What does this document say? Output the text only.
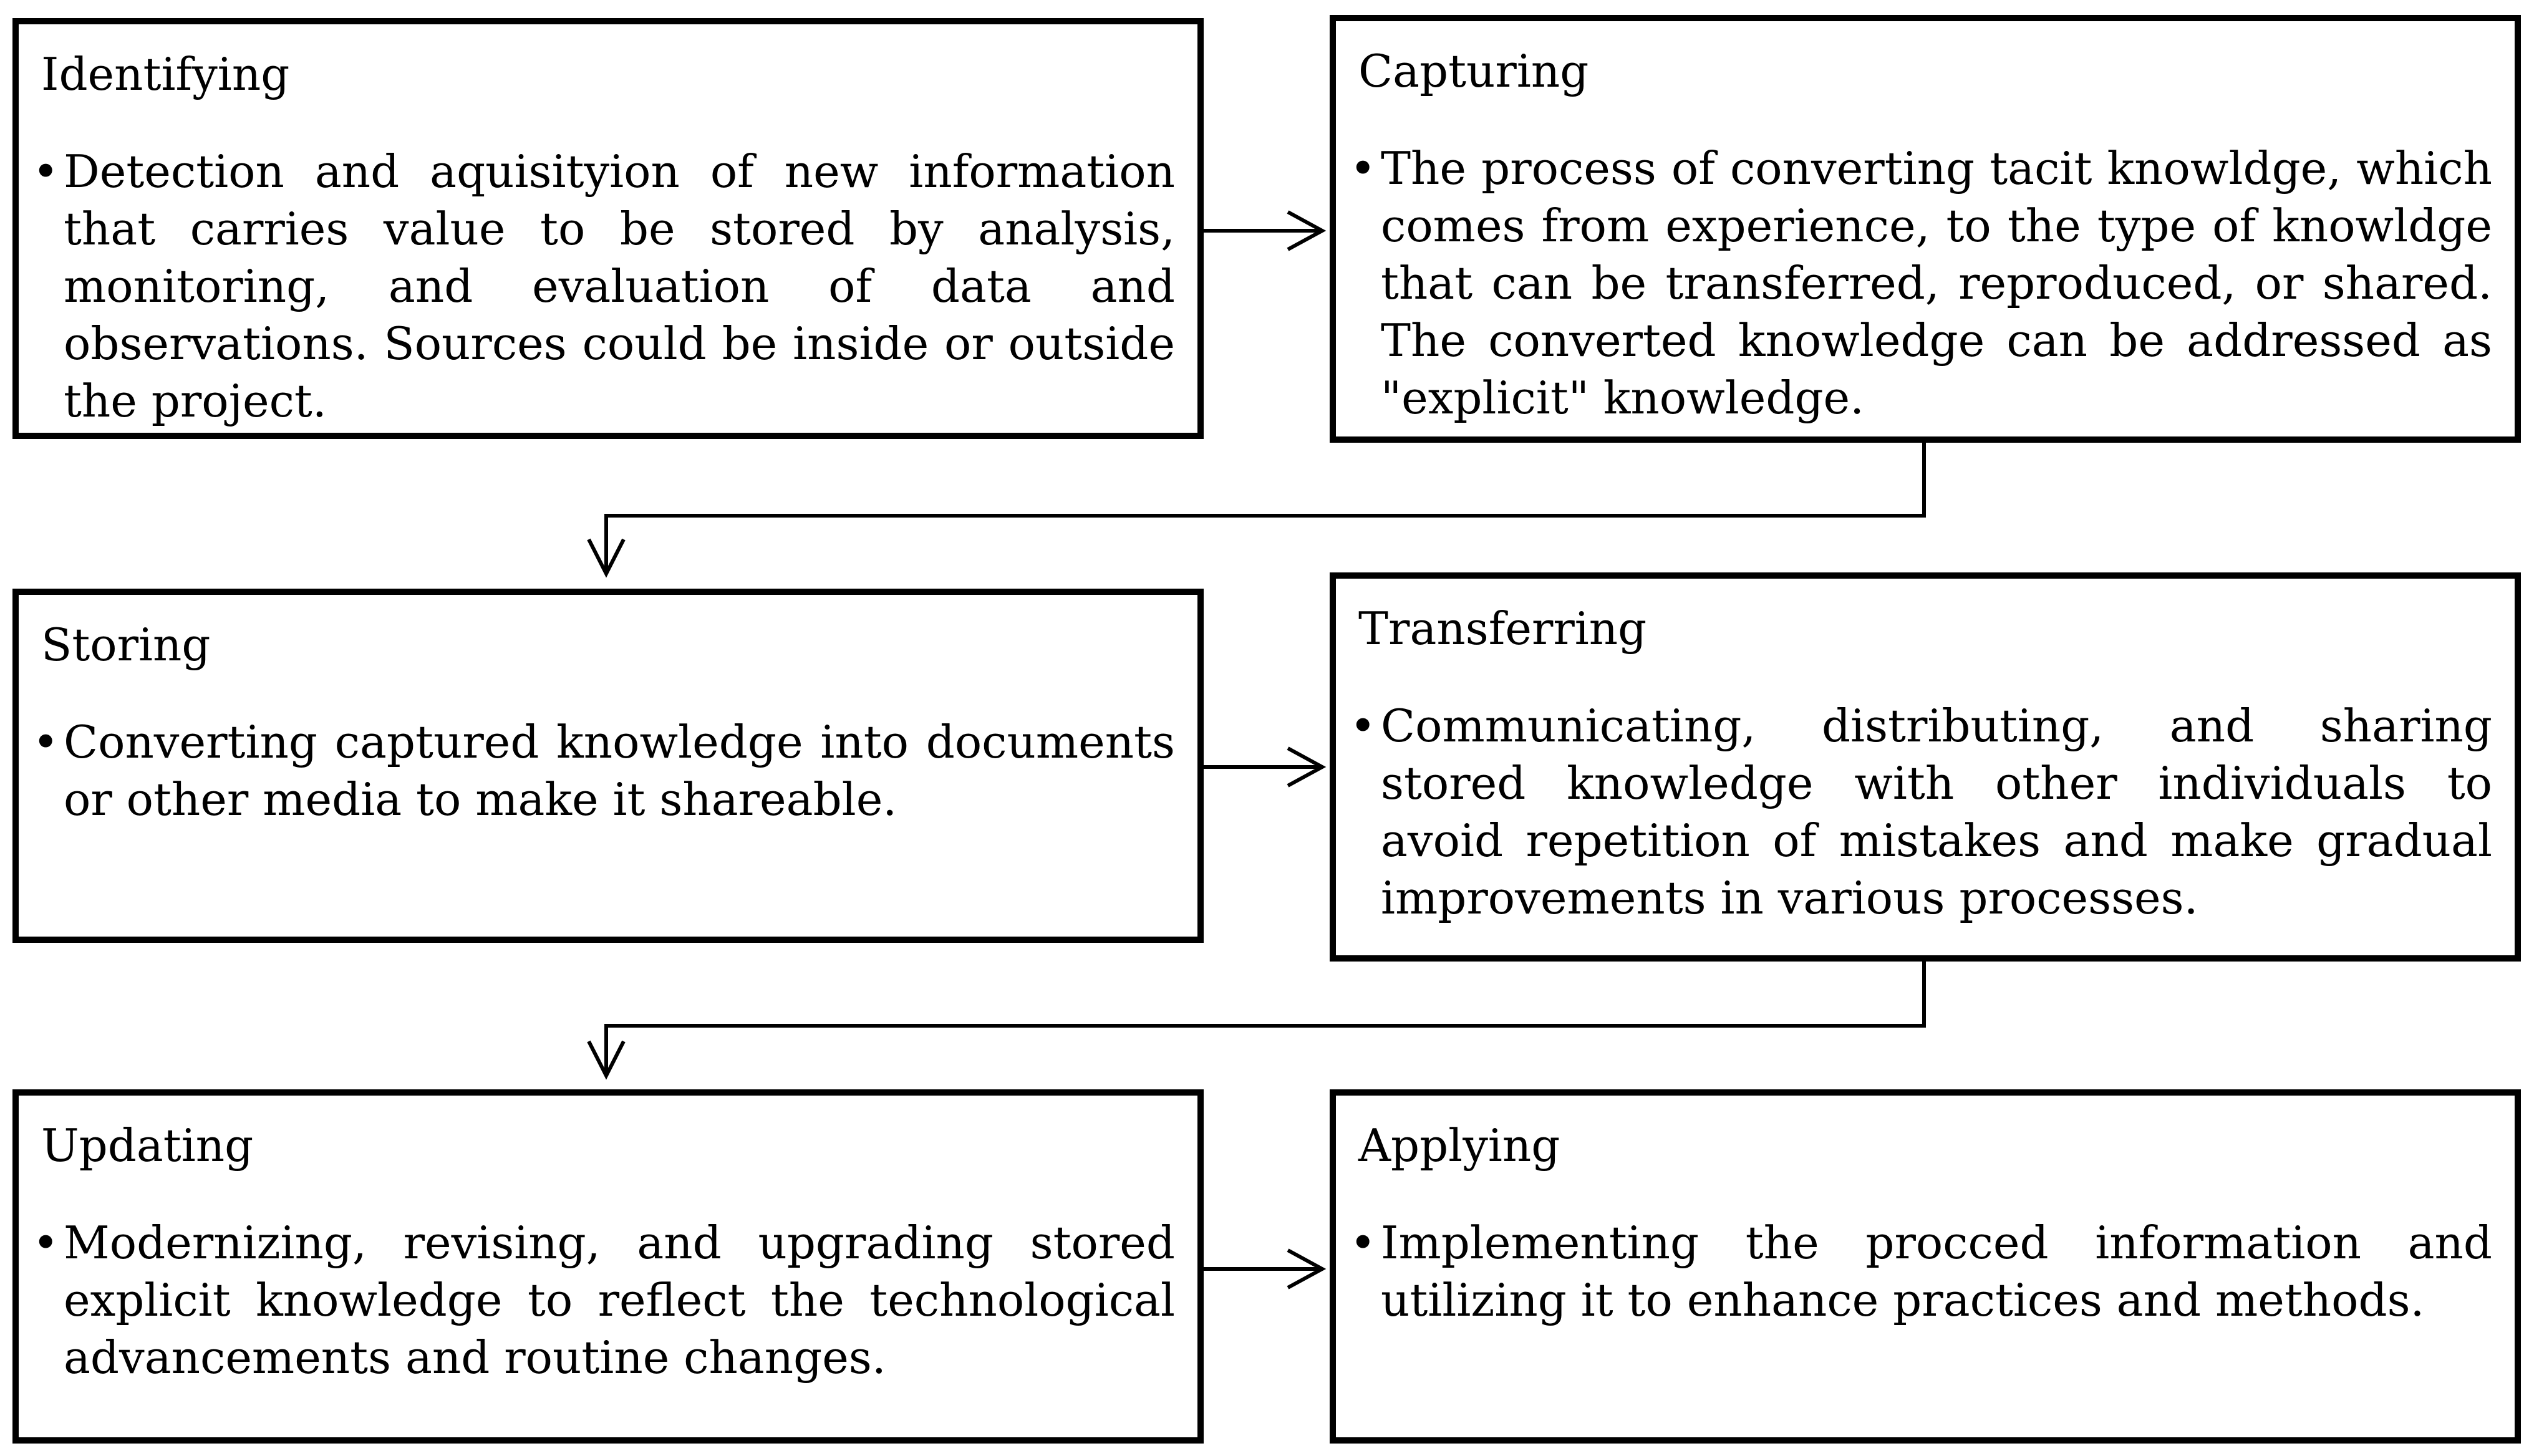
Identifying
• Detection and aquisityion of new information that carries value to be stored by analysis, monitoring, and evaluation of data and observations. Sources could be inside or outside the project.
Capturing
• The process of converting tacit knowldge, which comes from experience, to the type of knowldge that can be transferred, reproduced, or shared. The converted knowledge can be addressed as "explicit" knowledge.
Storing
• Converting captured knowledge into documents or other media to make it shareable.
Transferring
• Communicating, distributing, and sharing stored knowledge with other individuals to avoid repetition of mistakes and make gradual improvements in various processes.
Updating
• Modernizing, revising, and upgrading stored explicit knowledge to reflect the technological advancements and routine changes.
Applying
• Implementing the procced information and utilizing it to enhance practices and methods.
